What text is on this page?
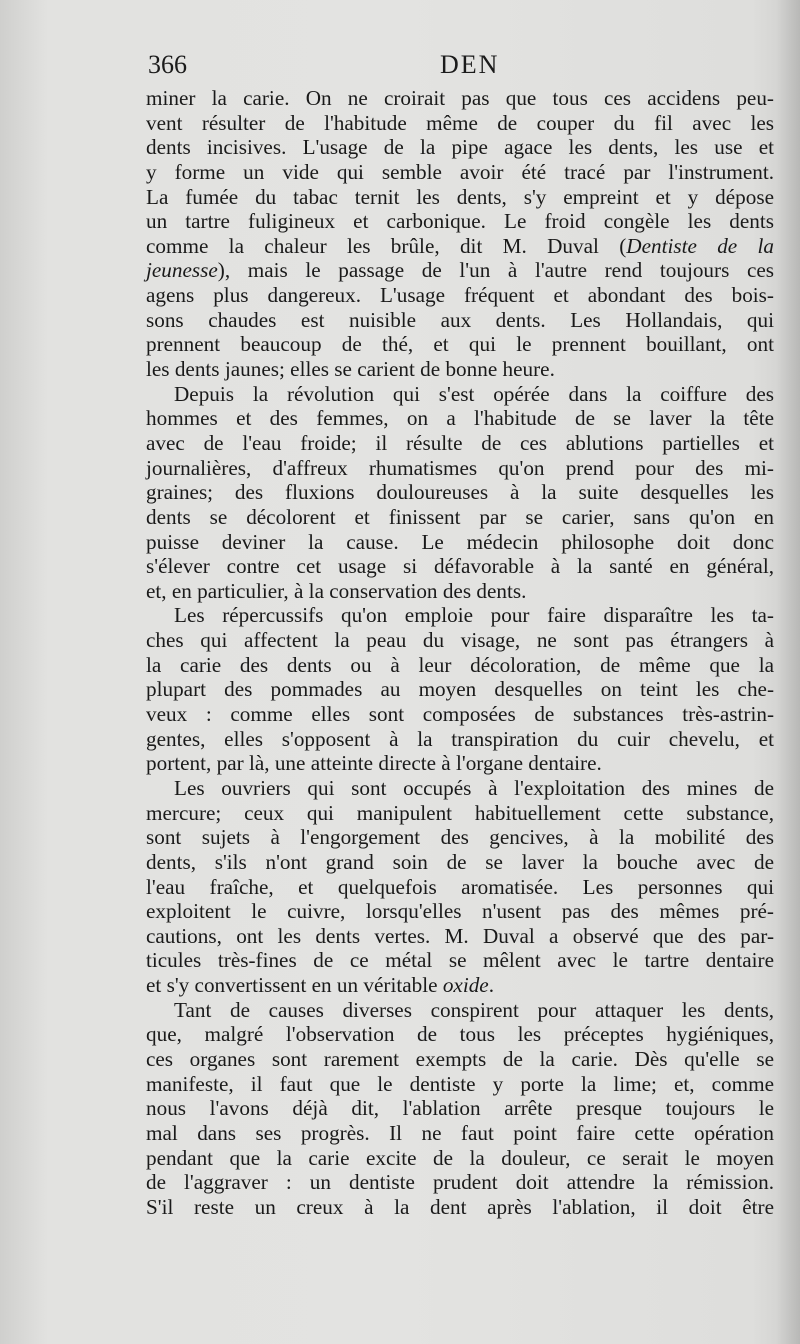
366	DEN
miner la carie. On ne croirait pas que tous ces accidens peu-
vent résulter de l'habitude même de couper du fil avec les
dents incisives. L'usage de la pipe agace les dents, les use et
y forme un vide qui semble avoir été tracé par l'instrument.
La fumée du tabac ternit les dents, s'y empreint et y dépose
un tartre fuligineux et carbonique. Le froid congèle les dents
comme la chaleur les brûle, dit M. Duval (Dentiste de la
jeunesse), mais le passage de l'un à l'autre rend toujours ces
agens plus dangereux. L'usage fréquent et abondant des bois-
sons chaudes est nuisible aux dents. Les Hollandais, qui
prennent beaucoup de thé, et qui le prennent bouillant, ont
les dents jaunes; elles se carient de bonne heure.
Depuis la révolution qui s'est opérée dans la coiffure des
hommes et des femmes, on a l'habitude de se laver la tête
avec de l'eau froide; il résulte de ces ablutions partielles et
journalières, d'affreux rhumatismes qu'on prend pour des mi-
graines; des fluxions douloureuses à la suite desquelles les
dents se décolorent et finissent par se carier, sans qu'on en
puisse deviner la cause. Le médecin philosophe doit donc
s'élever contre cet usage si défavorable à la santé en général,
et, en particulier, à la conservation des dents.
Les répercussifs qu'on emploie pour faire disparaître les ta-
ches qui affectent la peau du visage, ne sont pas étrangers à
la carie des dents ou à leur décoloration, de même que la
plupart des pommades au moyen desquelles on teint les che-
veux : comme elles sont composées de substances très-astrin-
gentes, elles s'opposent à la transpiration du cuir chevelu, et
portent, par là, une atteinte directe à l'organe dentaire.
Les ouvriers qui sont occupés à l'exploitation des mines de
mercure; ceux qui manipulent habituellement cette substance,
sont sujets à l'engorgement des gencives, à la mobilité des
dents, s'ils n'ont grand soin de se laver la bouche avec de
l'eau fraîche, et quelquefois aromatisée. Les personnes qui
exploitent le cuivre, lorsqu'elles n'usent pas des mêmes pré-
cautions, ont les dents vertes. M. Duval a observé que des par-
ticules très-fines de ce métal se mêlent avec le tartre dentaire
et s'y convertissent en un véritable oxide.
Tant de causes diverses conspirent pour attaquer les dents,
que, malgré l'observation de tous les préceptes hygiéniques,
ces organes sont rarement exempts de la carie. Dès qu'elle se
manifeste, il faut que le dentiste y porte la lime; et, comme
nous l'avons déjà dit, l'ablation arrête presque toujours le
mal dans ses progrès. Il ne faut point faire cette opération
pendant que la carie excite de la douleur, ce serait le moyen
de l'aggraver : un dentiste prudent doit attendre la rémission.
S'il reste un creux à la dent après l'ablation, il doit être
